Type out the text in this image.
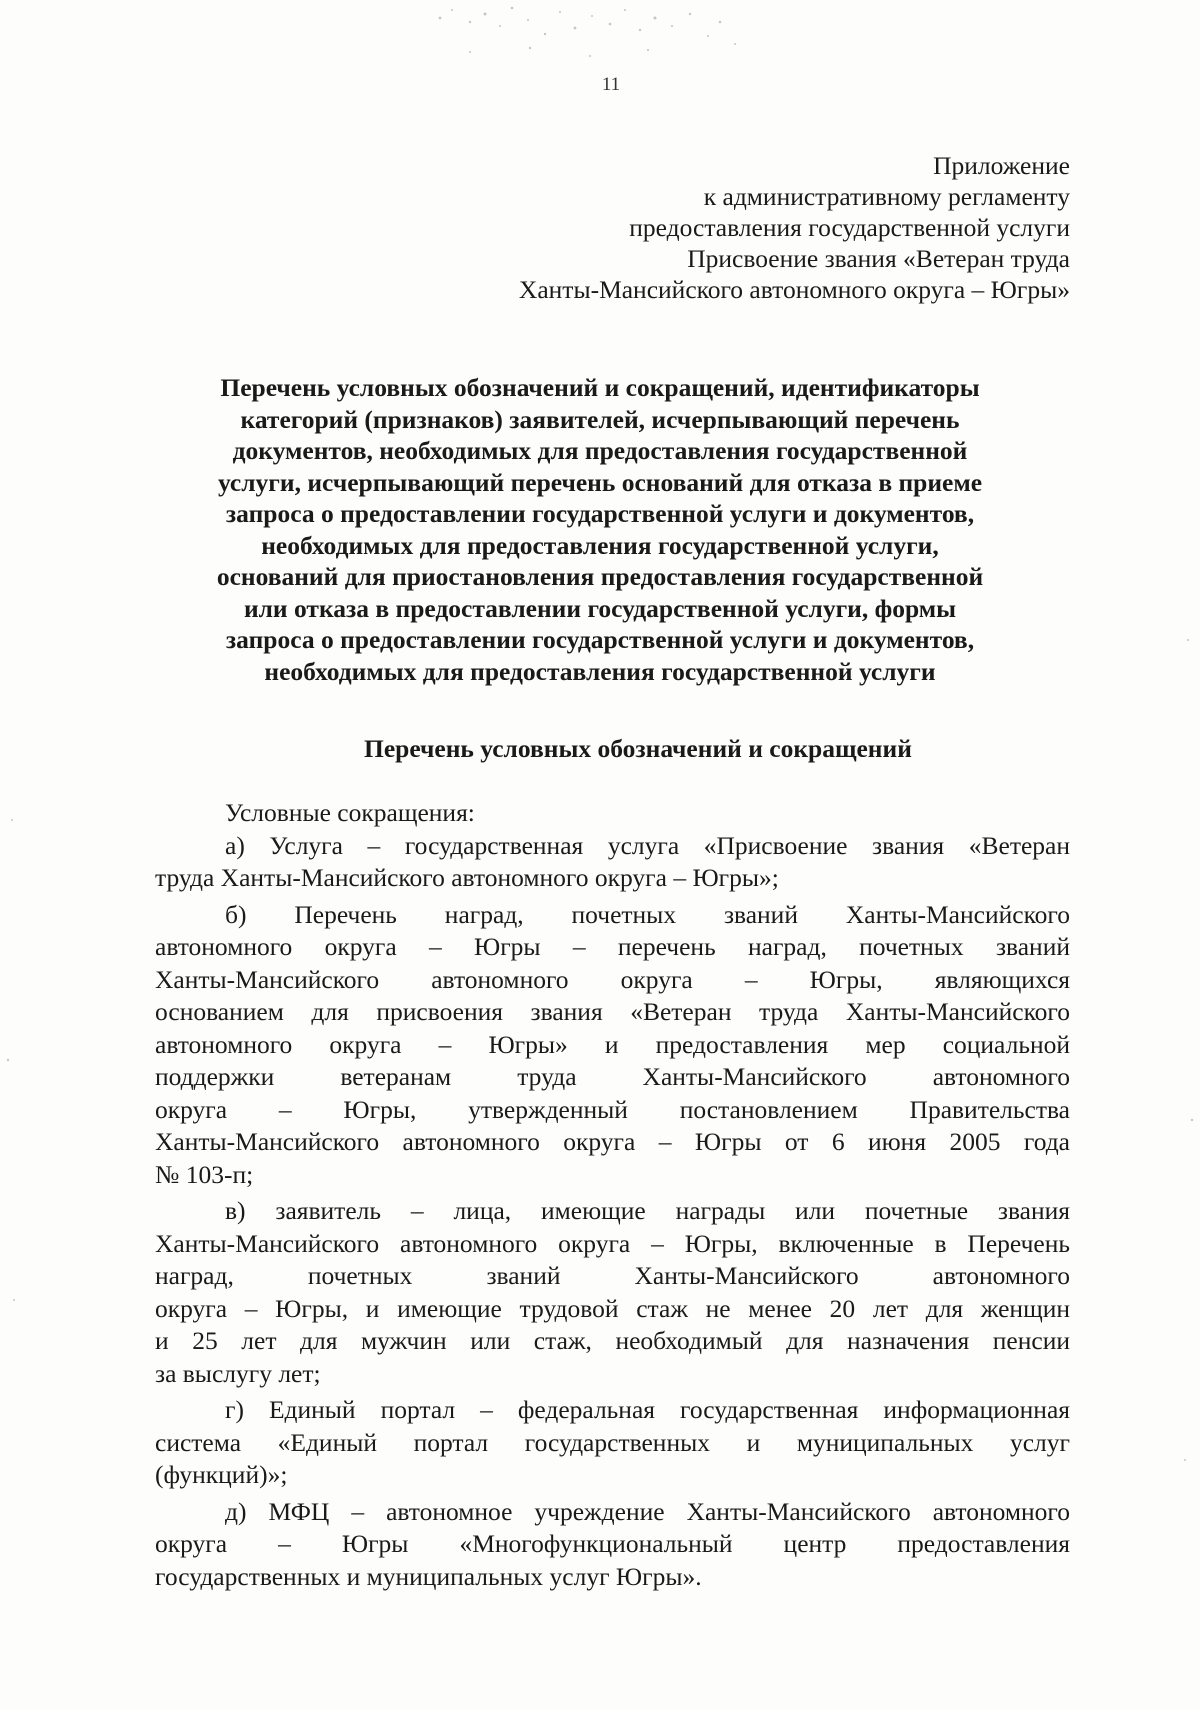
11
Приложение
к административному регламенту
предоставления государственной услуги
Присвоение звания «Ветеран труда
Ханты-Мансийского автономного округа – Югры»
Перечень условных обозначений и сокращений, идентификаторы
категорий (признаков) заявителей, исчерпывающий перечень
документов, необходимых для предоставления государственной
услуги, исчерпывающий перечень оснований для отказа в приеме
запроса о предоставлении государственной услуги и документов,
необходимых для предоставления государственной услуги,
оснований для приостановления предоставления государственной
или отказа в предоставлении государственной услуги, формы
запроса о предоставлении государственной услуги и документов,
необходимых для предоставления государственной услуги
Перечень условных обозначений и сокращений
Условные сокращения:
а) Услуга – государственная услуга «Присвоение звания «Ветеран
труда Ханты-Мансийского автономного округа – Югры»;
б) Перечень наград, почетных званий Ханты-Мансийского
автономного округа – Югры – перечень наград, почетных званий
Ханты-Мансийского автономного округа – Югры, являющихся
основанием для присвоения звания «Ветеран труда Ханты-Мансийского
автономного округа – Югры» и предоставления мер социальной
поддержки ветеранам труда Ханты-Мансийского автономного
округа – Югры, утвержденный постановлением Правительства
Ханты-Мансийского автономного округа – Югры от 6 июня 2005 года
№ 103-п;
в) заявитель – лица, имеющие награды или почетные звания
Ханты-Мансийского автономного округа – Югры, включенные в Перечень
наград, почетных званий Ханты-Мансийского автономного
округа – Югры, и имеющие трудовой стаж не менее 20 лет для женщин
и 25 лет для мужчин или стаж, необходимый для назначения пенсии
за выслугу лет;
г) Единый портал – федеральная государственная информационная
система «Единый портал государственных и муниципальных услуг
(функций)»;
д) МФЦ – автономное учреждение Ханты-Мансийского автономного
округа – Югры «Многофункциональный центр предоставления
государственных и муниципальных услуг Югры».
